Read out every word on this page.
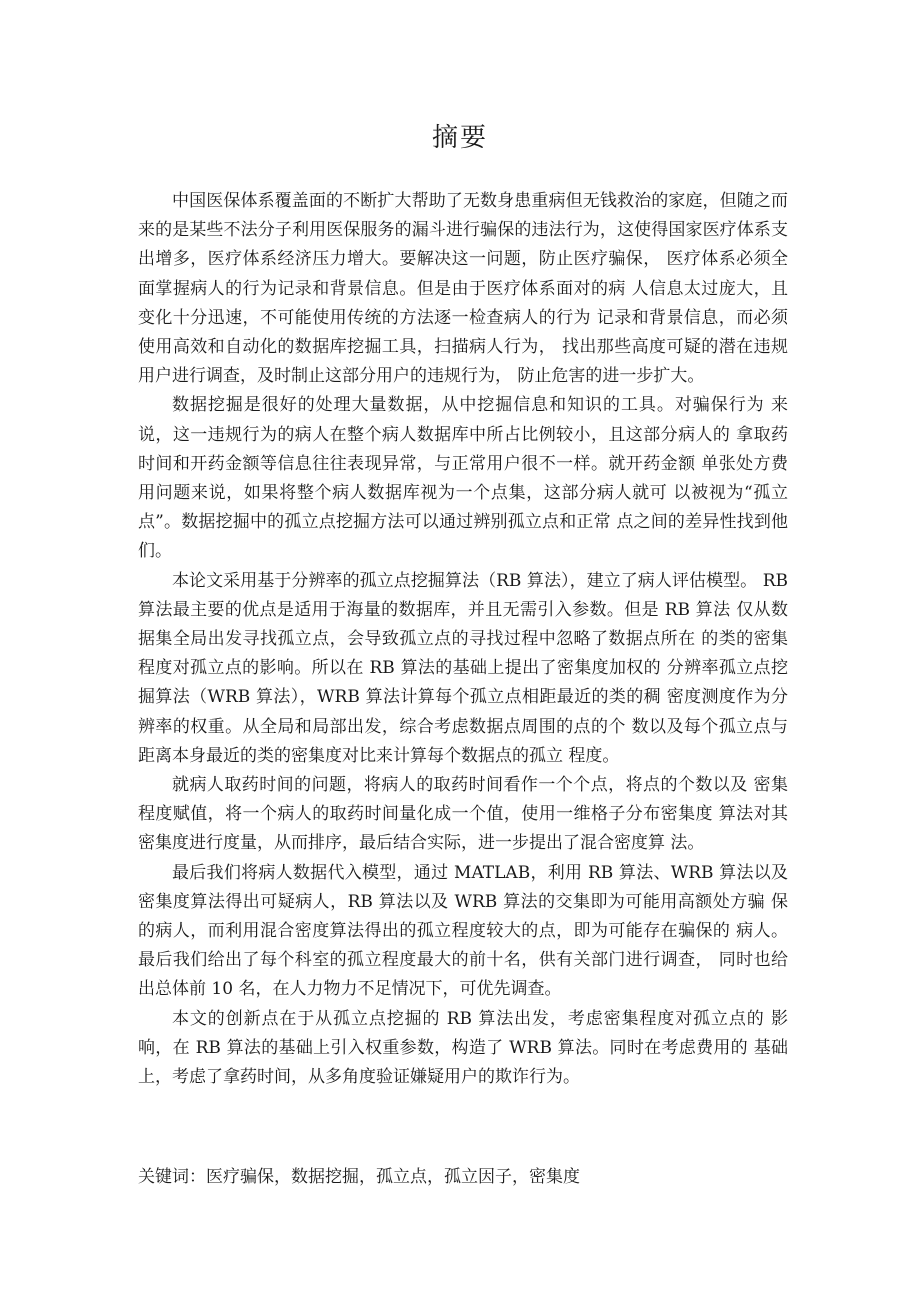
摘要

中国医保体系覆盖面的不断扩大帮助了无数身患重病但无钱救治的家庭，但随之而来的是某些不法分子利用医保服务的漏斗进行骗保的违法行为，这使得国家医疗体系支出增多，医疗体系经济压力增大。要解决这一问题，防止医疗骗保， 医疗体系必须全面掌握病人的行为记录和背景信息。但是由于医疗体系面对的病 人信息太过庞大，且变化十分迅速，不可能使用传统的方法逐一检查病人的行为 记录和背景信息，而必须使用高效和自动化的数据库挖掘工具，扫描病人行为， 找出那些高度可疑的潜在违规用户进行调查，及时制止这部分用户的违规行为， 防止危害的进一步扩大。

数据挖掘是很好的处理大量数据，从中挖掘信息和知识的工具。对骗保行为 来说，这一违规行为的病人在整个病人数据库中所占比例较小，且这部分病人的 拿取药时间和开药金额等信息往往表现异常，与正常用户很不一样。就开药金额 单张处方费用问题来说，如果将整个病人数据库视为一个点集，这部分病人就可 以被视为“孤立点”。数据挖掘中的孤立点挖掘方法可以通过辨别孤立点和正常 点之间的差异性找到他们。

本论文采用基于分辨率的孤立点挖掘算法（RB 算法），建立了病人评估模型。 RB 算法最主要的优点是适用于海量的数据库，并且无需引入参数。但是 RB 算法 仅从数据集全局出发寻找孤立点，会导致孤立点的寻找过程中忽略了数据点所在 的类的密集程度对孤立点的影响。所以在 RB 算法的基础上提出了密集度加权的 分辨率孤立点挖掘算法（WRB 算法），WRB 算法计算每个孤立点相距最近的类的稠 密度测度作为分辨率的权重。从全局和局部出发，综合考虑数据点周围的点的个 数以及每个孤立点与距离本身最近的类的密集度对比来计算每个数据点的孤立 程度。

就病人取药时间的问题，将病人的取药时间看作一个个点，将点的个数以及 密集程度赋值，将一个病人的取药时间量化成一个值，使用一维格子分布密集度 算法对其密集度进行度量，从而排序，最后结合实际，进一步提出了混合密度算 法。

最后我们将病人数据代入模型，通过 MATLAB，利用 RB 算法、WRB 算法以及 密集度算法得出可疑病人，RB 算法以及 WRB 算法的交集即为可能用高额处方骗 保的病人，而利用混合密度算法得出的孤立程度较大的点，即为可能存在骗保的 病人。最后我们给出了每个科室的孤立程度最大的前十名，供有关部门进行调查， 同时也给出总体前 10 名，在人力物力不足情况下，可优先调查。

本文的创新点在于从孤立点挖掘的 RB 算法出发，考虑密集程度对孤立点的 影响，在 RB 算法的基础上引入权重参数，构造了 WRB 算法。同时在考虑费用的 基础上，考虑了拿药时间，从多角度验证嫌疑用户的欺诈行为。

关键词：医疗骗保，数据挖掘，孤立点，孤立因子，密集度
